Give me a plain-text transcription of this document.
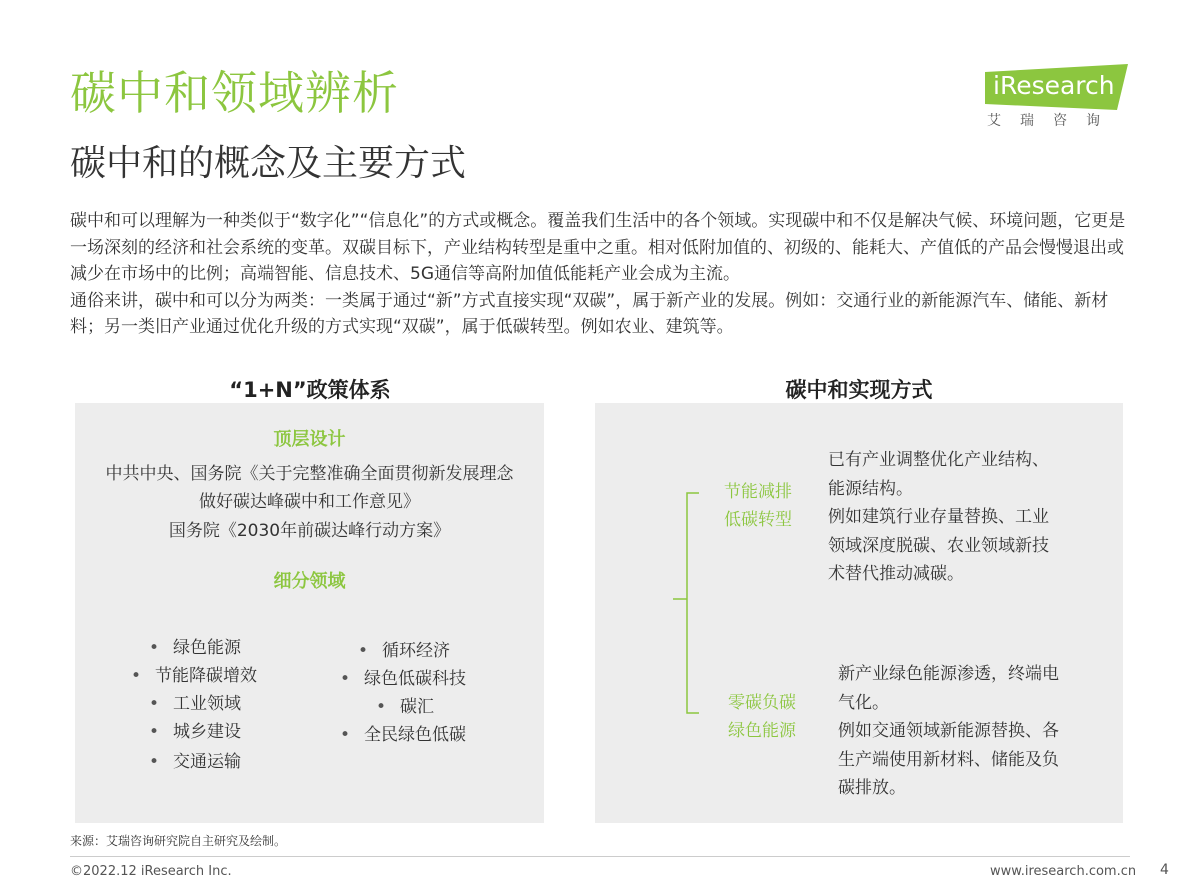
碳中和领域辨析
碳中和的概念及主要方式
iResearch
艾瑞咨询

碳中和可以理解为一种类似于“数字化”“信息化”的方式或概念。覆盖我们生活中的各个领域。实现碳中和不仅是解决气候、环境问题，它更是一场深刻的经济和社会系统的变革。双碳目标下，产业结构转型是重中之重。相对低附加值的、初级的、能耗大、产值低的产品会慢慢退出或减少在市场中的比例；高端智能、信息技术、5G通信等高附加值低能耗产业会成为主流。

通俗来讲，碳中和可以分为两类：一类属于通过“新”方式直接实现“双碳”，属于新产业的发展。例如：交通行业的新能源汽车、储能、新材料；另一类旧产业通过优化升级的方式实现“双碳”，属于低碳转型。例如农业、建筑等。

“1+N”政策体系	碳中和实现方式
顶层设计
中共中央、国务院《关于完整准确全面贯彻新发展理念
做好碳达峰碳中和工作意见》
国务院《2030年前碳达峰行动方案》
细分领域
• 绿色能源
• 节能降碳增效
• 工业领域
• 城乡建设
• 交通运输
• 循环经济
• 绿色低碳科技
• 碳汇
• 全民绿色低碳
节能减排
低碳转型

已有产业调整优化产业结构、

能源结构。

例如建筑行业存量替换、工业

领域深度脱碳、农业领域新技

术替代推动减碳。

零碳负碳
绿色能源

新产业绿色能源渗透，终端电

气化。

例如交通领域新能源替换、各

生产端使用新材料、储能及负

碳排放。

来源：艾瑞咨询研究院自主研究及绘制。
©2022.12 iResearch Inc.	www.iresearch.com.cn 4
